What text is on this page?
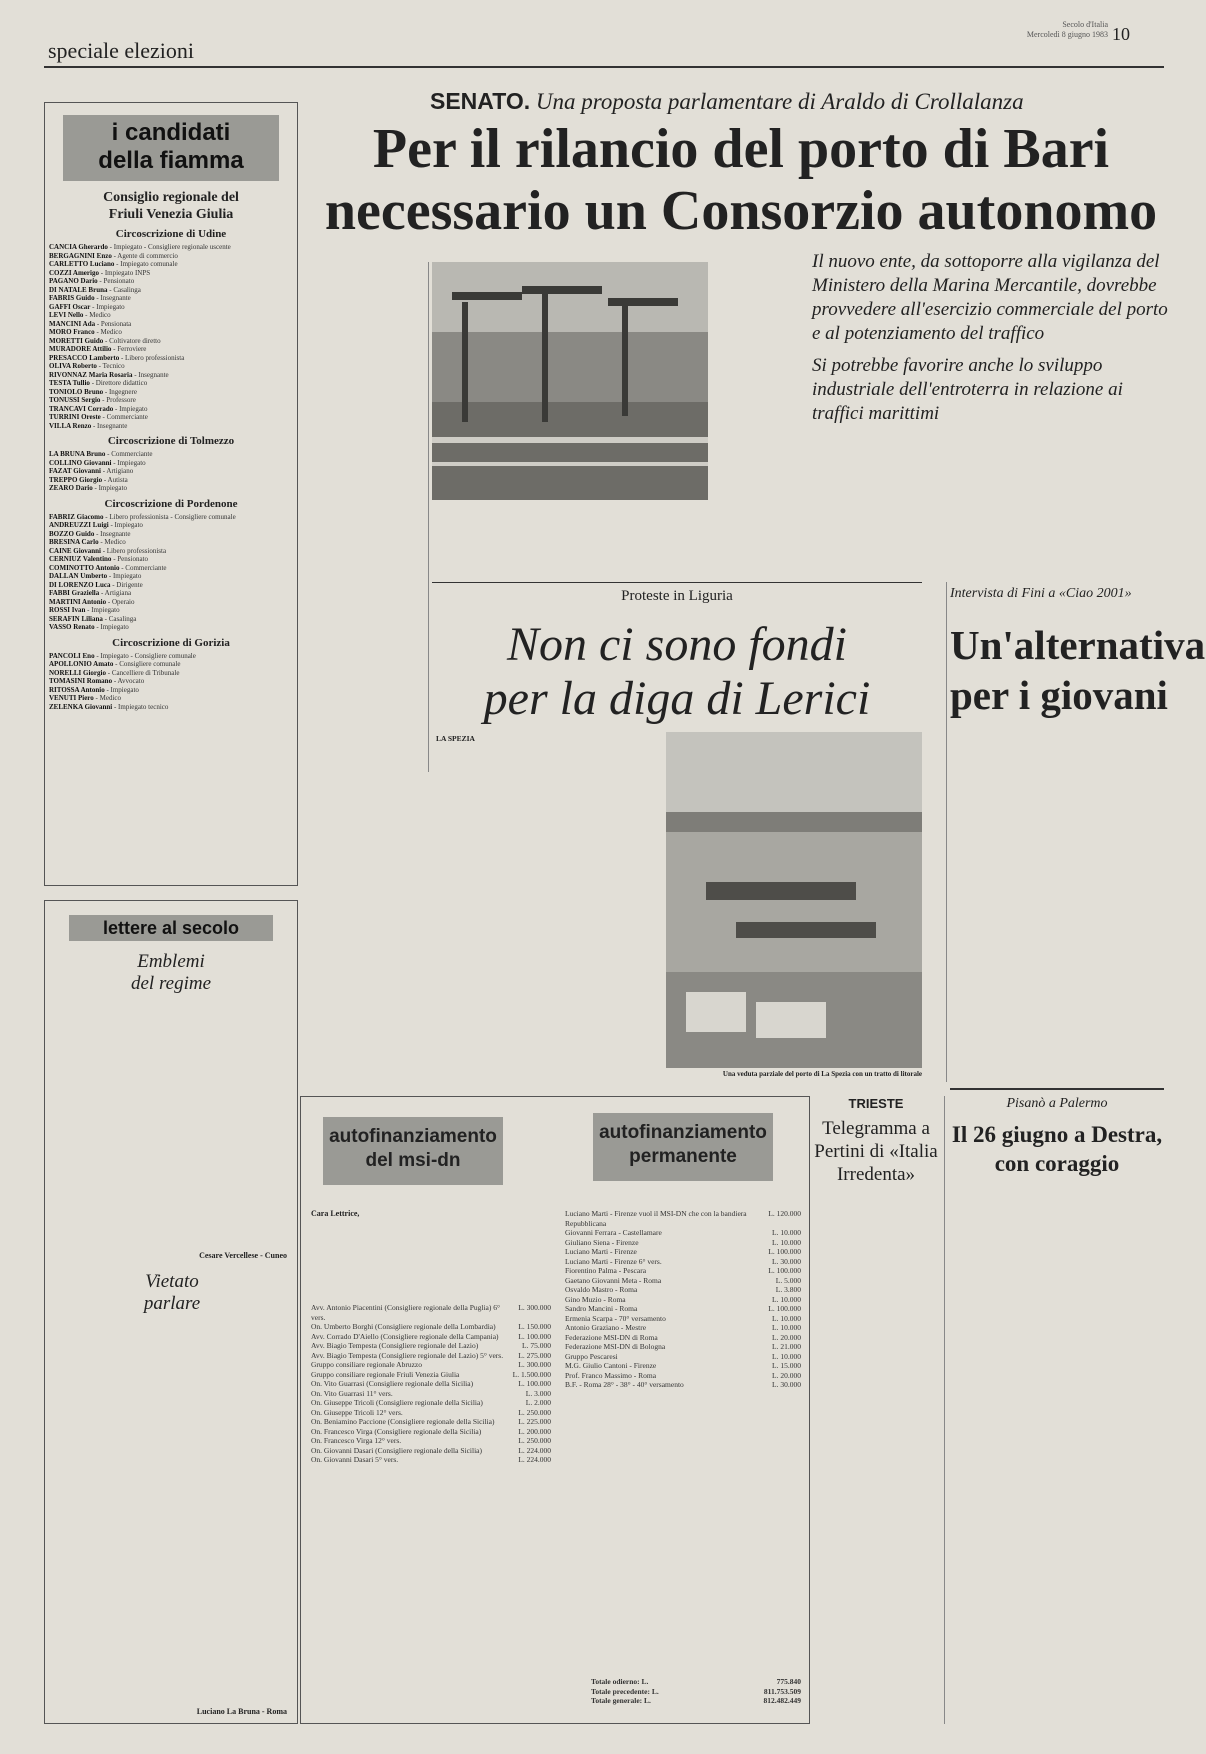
speciale elezioni
Secolo d'Italia
Mercoledì 8 giugno 1983 10
i candidati
della fiamma
Consiglio regionale del
Friuli Venezia Giulia
Circoscrizione di Udine
CANCIA Gherardo - Impiegato - Consigliere regionale uscente
BERGAGNINI Enzo - Agente di commercio
CARLETTO Luciano - Impiegato comunale
COZZI Amerigo - Impiegato INPS
PAGANO Dario - Pensionato
DI NATALE Bruna - Casalinga
FABRIS Guido - Insegnante
GAFFI Oscar - Impiegato
LEVI Nello - Medico
MANCINI Ada - Pensionata
MORO Franco - Medico
MORETTI Guido - Coltivatore diretto
MURADORE Attilio - Ferroviere
PRESACCO Lamberto - Libero professionista
OLIVA Roberto - Tecnico
RIVONNAZ Maria Rosaria - Insegnante
TESTA Tullio - Direttore didattico
TONIOLO Bruno - Ingegnere
TONUSSI Sergio - Professore
TRANCAVI Corrado - Impiegato
TURRINI Oreste - Commerciante
VILLA Renzo - Insegnante
Circoscrizione di Tolmezzo
LA BRUNA Bruno - Commerciante
COLLINO Giovanni - Impiegato
FAZAT Giovanni - Artigiano
TREPPO Giorgio - Autista
ZEARO Dario - Impiegato
Circoscrizione di Pordenone
FABRIZ Giacomo - Libero professionista - Consigliere comunale
ANDREUZZI Luigi - Impiegato
BOZZO Guido - Insegnante
BRESINA Carlo - Medico
CAINE Giovanni - Libero professionista
CERNIUZ Valentino - Pensionato
COMINOTTO Antonio - Commerciante
DALLAN Umberto - Impiegato
DI LORENZO Luca - Dirigente
FABBI Graziella - Artigiana
MARTINI Antonio - Operaio
ROSSI Ivan - Impiegato
SERAFIN Liliana - Casalinga
VASSO Renato - Impiegato
Circoscrizione di Gorizia
PANCOLI Eno - Impiegato - Consigliere comunale
APOLLONIO Amato - Consigliere comunale
NORELLI Giorgio - Cancelliere di Tribunale
TOMASINI Romano - Avvocato
RITOSSA Antonio - Impiegato
VENUTI Piero - Medico
ZELENKA Giovanni - Impiegato tecnico
lettere al secolo
Emblemi
del regime
Cesare Vercellese - Cuneo
Vietato
parlare
Luciano La Bruna - Roma
SENATO. Una proposta parlamentare di Araldo di Crollalanza
Per il rilancio del porto di Bari
necessario un Consorzio autonomo
Il nuovo ente, da sottoporre alla vigilanza del Ministero della Marina Mercantile, dovrebbe provvedere all'esercizio commerciale del porto e al potenziamento del traffico
Si potrebbe favorire anche lo sviluppo industriale dell'entroterra in relazione ai traffici marittimi
Proteste in Liguria
Non ci sono fondi
per la diga di Lerici
LA SPEZIA
Una veduta parziale del porto di La Spezia con un tratto di litorale
Intervista di Fini a «Ciao 2001»
Un'alternativa
per i giovani
autofinanziamento
del msi-dn
autofinanziamento
permanente
Cara Lettrice,
Avv. Antonio Piacentini (Consigliere regionale della Puglia) 6° vers.
L. 300.000
On. Umberto Borghi (Consigliere regionale della Lombardia)	L. 150.000
Avv. Corrado D'Aiello (Consigliere regionale della Campania)	L. 100.000
Avv. Biagio Tempesta (Consigliere regionale del Lazio)	L. 75.000
Avv. Biagio Tempesta (Consigliere regionale del Lazio) 5° vers. L. 275.000
Gruppo consiliare regionale Abruzzo	L. 300.000
Gruppo consiliare regionale Friuli Venezia Giulia	L. 1.500.000
On. Vito Guarrasi (Consigliere regionale della Sicilia)	L. 100.000
On. Vito Guarrasi 11° vers.	L. 3.000
On. Giuseppe Tricoli (Consigliere regionale della Sicilia)	L. 2.000
On. Giuseppe Tricoli 12° vers.	L. 250.000
On. Beniamino Paccione (Consigliere regionale della Sicilia)	L. 225.000
On. Francesco Virga (Consigliere regionale della Sicilia)	L. 200.000
On. Francesco Virga 12° vers.	L. 250.000
On. Giovanni Dasari (Consigliere regionale della Sicilia)	L. 224.000
On. Giovanni Dasari 5° vers.	L. 224.000
Luciano Marti - Firenze vuol il MSI-DN che con la bandiera Repubblicana
L. 120.000
Giovanni Ferrara - Castellamare	L. 10.000
Giuliano Siena - Firenze	L. 10.000
Luciano Marti - Firenze	L. 100.000
Luciano Marti - Firenze 6° vers.	L. 30.000
Fiorentino Palma - Pescara	L. 100.000
Gaetano Giovanni Meta - Roma	L. 5.000
Osvaldo Mastro - Roma	L. 3.800
Gino Muzio - Roma	L. 10.000
Sandro Mancini - Roma	L. 100.000
Ermenia Scarpa - 70° versamento	L. 10.000
Antonio Graziano - Mestre	L. 10.000
Federazione MSI-DN di Roma	L. 20.000
Federazione MSI-DN di Bologna	L. 21.000
Gruppo Pescaresi	L. 10.000
M.G. Giulio Cantoni - Firenze	L. 15.000
Prof. Franco Massimo - Roma	L. 20.000
B.F. - Roma 28° - 38° - 40° versamento	L. 30.000
Totale odierno: L.	775.840
Totale precedente: L.	811.753.509
Totale generale: L.	812.482.449
TRIESTE
Telegramma a Pertini di «Italia Irredenta»
Pisanò a Palermo
Il 26 giugno a Destra, con coraggio
